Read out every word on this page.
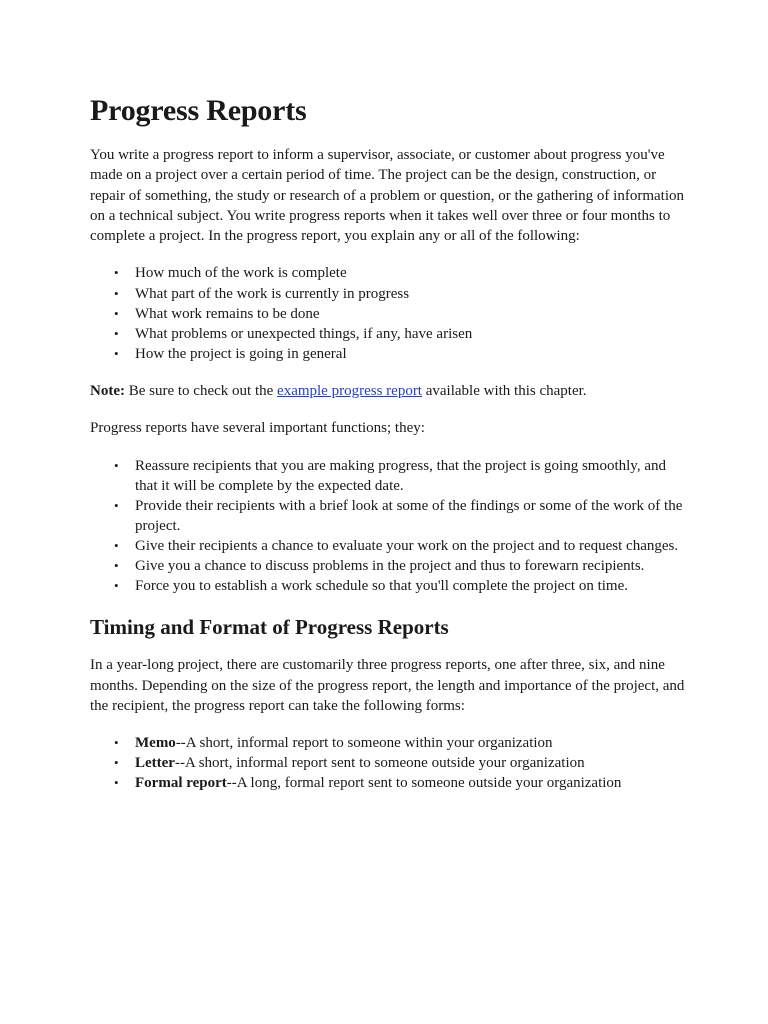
Progress Reports

You write a progress report to inform a supervisor, associate, or customer about progress you've made on a project over a certain period of time. The project can be the design, construction, or repair of something, the study or research of a problem or question, or the gathering of information on a technical subject. You write progress reports when it takes well over three or four months to complete a project. In the progress report, you explain any or all of the following:

• How much of the work is complete
• What part of the work is currently in progress
• What work remains to be done
• What problems or unexpected things, if any, have arisen
• How the project is going in general

Note: Be sure to check out the example progress report available with this chapter.

Progress reports have several important functions; they:

• Reassure recipients that you are making progress, that the project is going smoothly, and that it will be complete by the expected date.
• Provide their recipients with a brief look at some of the findings or some of the work of the project.
• Give their recipients a chance to evaluate your work on the project and to request changes.
• Give you a chance to discuss problems in the project and thus to forewarn recipients.
• Force you to establish a work schedule so that you'll complete the project on time.
Timing and Format of Progress Reports

In a year-long project, there are customarily three progress reports, one after three, six, and nine months. Depending on the size of the progress report, the length and importance of the project, and the recipient, the progress report can take the following forms:

• Memo--A short, informal report to someone within your organization
• Letter--A short, informal report sent to someone outside your organization
• Formal report--A long, formal report sent to someone outside your organization
